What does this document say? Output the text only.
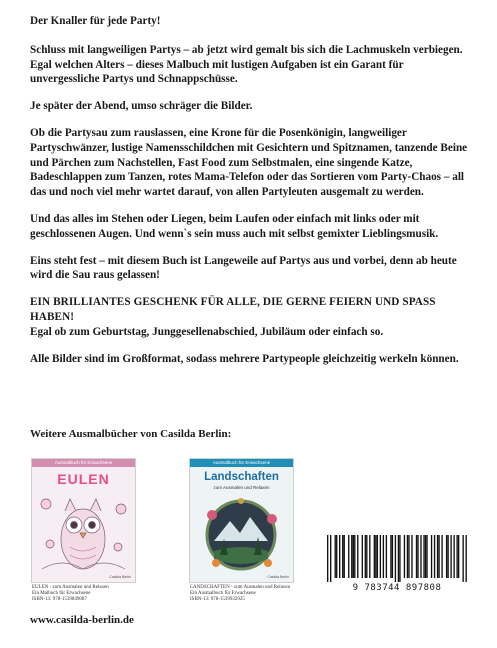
Der Knaller für jede Party!

Schluss mit langweiligen Partys – ab jetzt wird gemalt bis sich die Lachmuskeln verbiegen. Egal welchen Alters – dieses Malbuch mit lustigen Aufgaben ist ein Garant für unvergessliche Partys und Schnappschüsse.

Je später der Abend, umso schräger die Bilder.

Ob die Partysau zum rauslassen, eine Krone für die Posenkönigin, langweiliger Partyschwänzer, lustige Namensschildchen mit Gesichtern und Spitznamen, tanzende Beine und Pärchen zum Nachstellen, Fast Food zum Selbstmalen, eine singende Katze, Badeschlappen zum Tanzen, rotes Mama-Telefon oder das Sortieren vom Party-Chaos – all das und noch viel mehr wartet darauf, von allen Partyleuten ausgemalt zu werden.

Und das alles im Stehen oder Liegen, beim Laufen oder einfach mit links oder mit geschlossenen Augen. Und wenn`s sein muss auch mit selbst gemixter Lieblingsmusik.

Eins steht fest – mit diesem Buch ist Langeweile auf Partys aus und vorbei, denn ab heute wird die Sau raus gelassen!

EIN BRILLIANTES GESCHENK FÜR ALLE, DIE GERNE FEIERN UND SPASS HABEN!
Egal ob zum Geburtstag, Junggesellenabschied, Jubiläum oder einfach so.

Alle Bilder sind im Großformat, sodass mehrere Partypeople gleichzeitig werkeln können.

Weitere Ausmalbücher von Casilda Berlin:
Ausmalbuch für Erwachsene
EULEN
Casilda Berlin
EULEN - zum Ausmalen und Relaxen
Ein Malbuch für Erwachsene
ISBN-13: 978-1539849087
Ausmalbuch für Erwachsene
Landschaften
zum Ausmalen und Relaxen
Casilda Berlin
LANDSCHAFTEN - zum Ausmalen und Relaxen
Ein Ausmalbuch für Erwachsene
ISBN-13: 978-1539932925
9 783744 897808
www.casilda-berlin.de
